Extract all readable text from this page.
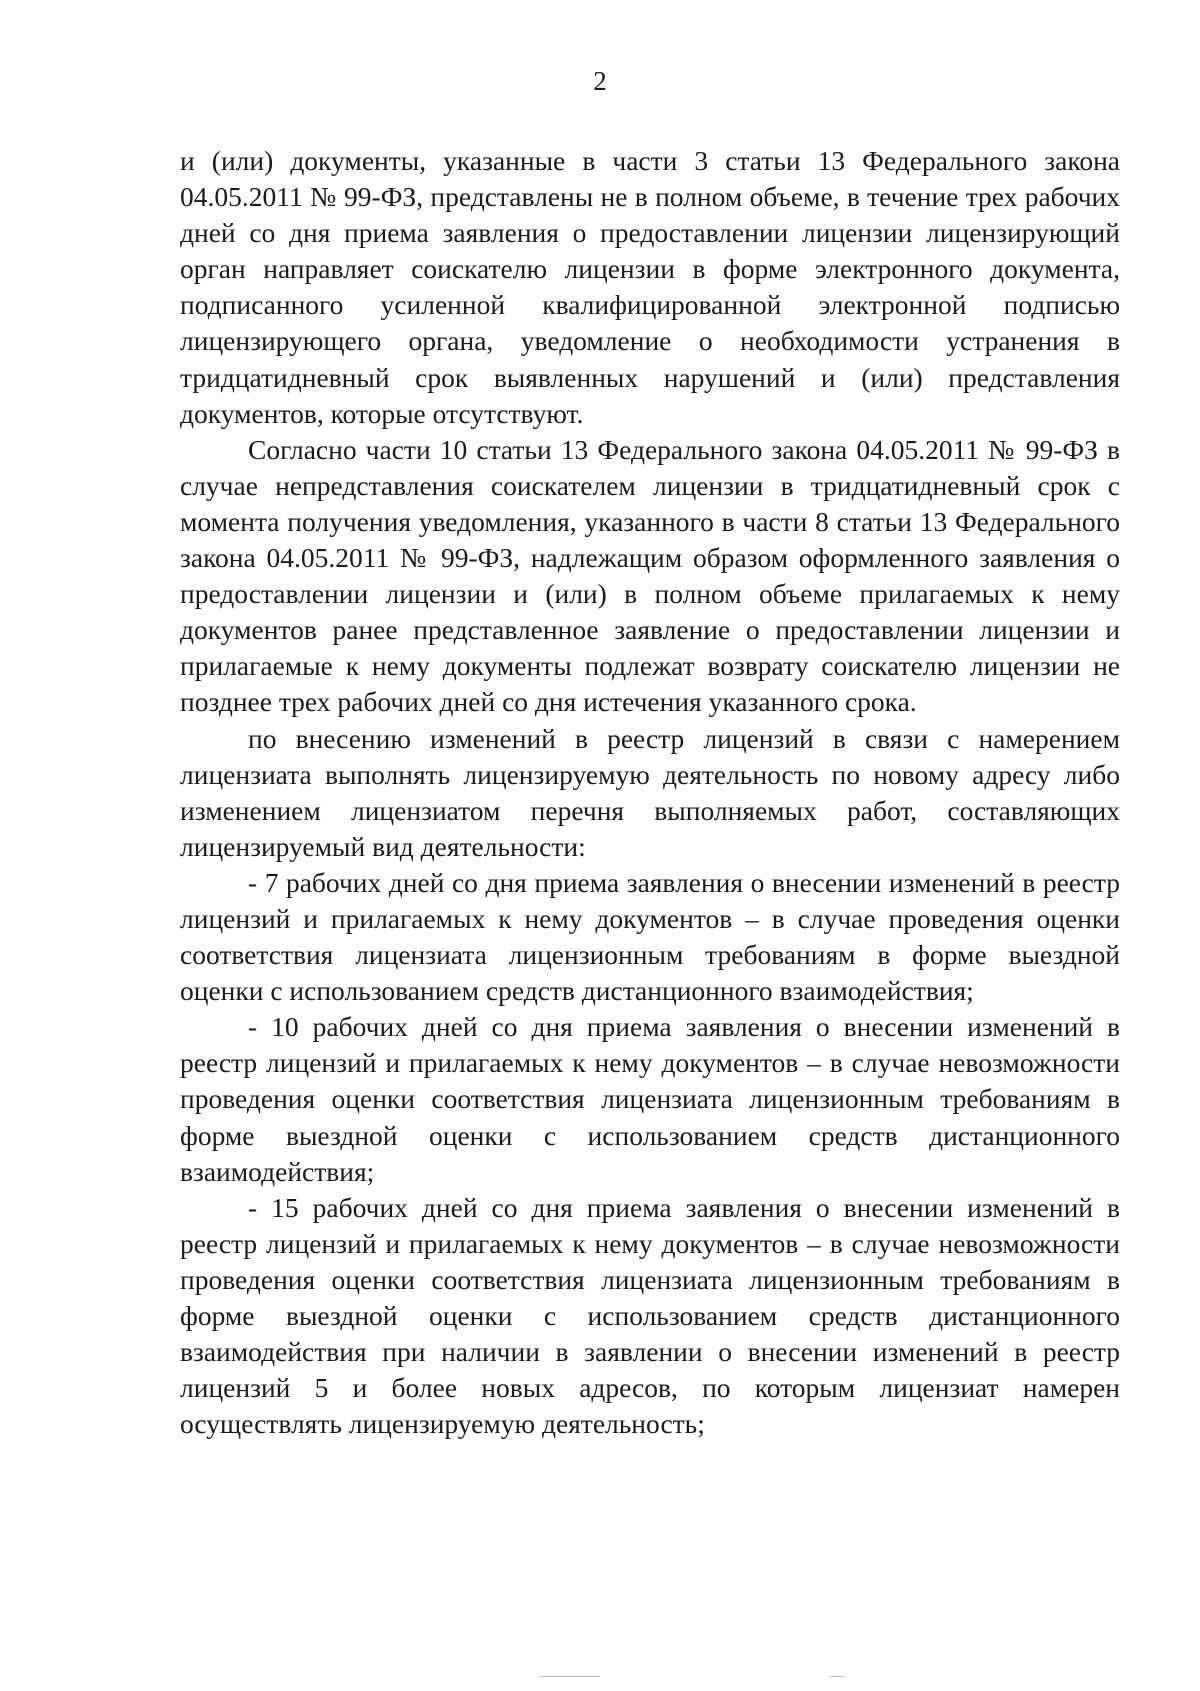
2

и (или) документы, указанные в части 3 статьи 13 Федерального закона 04.05.2011 № 99-ФЗ, представлены не в полном объеме, в течение трех рабочих дней со дня приема заявления о предоставлении лицензии лицензирующий орган направляет соискателю лицензии в форме электронного документа, подписанного усиленной квалифицированной электронной подписью лицензирующего органа, уведомление о необходимости устранения в тридцатидневный срок выявленных нарушений и (или) представления документов, которые отсутствуют.

Согласно части 10 статьи 13 Федерального закона 04.05.2011 № 99-ФЗ в случае непредставления соискателем лицензии в тридцатидневный срок с момента получения уведомления, указанного в части 8 статьи 13 Федерального закона 04.05.2011 № 99-ФЗ, надлежащим образом оформленного заявления о предоставлении лицензии и (или) в полном объеме прилагаемых к нему документов ранее представленное заявление о предоставлении лицензии и прилагаемые к нему документы подлежат возврату соискателю лицензии не позднее трех рабочих дней со дня истечения указанного срока.

по внесению изменений в реестр лицензий в связи с намерением лицензиата выполнять лицензируемую деятельность по новому адресу либо изменением лицензиатом перечня выполняемых работ, составляющих лицензируемый вид деятельности:

- 7 рабочих дней со дня приема заявления о внесении изменений в реестр лицензий и прилагаемых к нему документов – в случае проведения оценки соответствия лицензиата лицензионным требованиям в форме выездной оценки с использованием средств дистанционного взаимодействия;

- 10 рабочих дней со дня приема заявления о внесении изменений в реестр лицензий и прилагаемых к нему документов – в случае невозможности проведения оценки соответствия лицензиата лицензионным требованиям в форме выездной оценки с использованием средств дистанционного взаимодействия;

- 15 рабочих дней со дня приема заявления о внесении изменений в реестр лицензий и прилагаемых к нему документов – в случае невозможности проведения оценки соответствия лицензиата лицензионным требованиям в форме выездной оценки с использованием средств дистанционного взаимодействия при наличии в заявлении о внесении изменений в реестр лицензий 5 и более новых адресов, по которым лицензиат намерен осуществлять лицензируемую деятельность;
